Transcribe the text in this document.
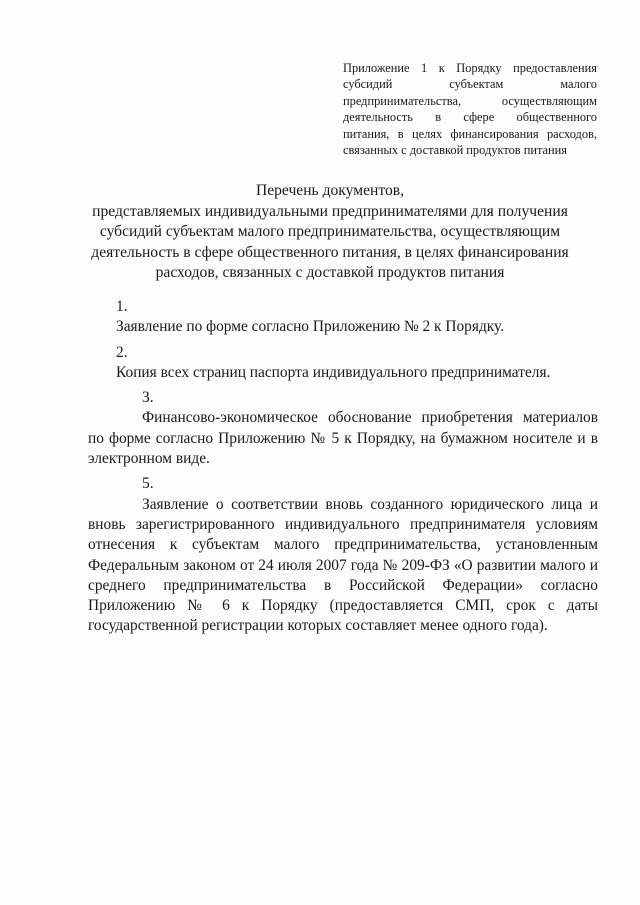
Приложение 1 к Порядку предоставления
субсидий субъектам малого
предпринимательства, осуществляющим
деятельность в сфере общественного
питания, в целях финансирования расходов,
связанных с доставкой продуктов питания
Перечень документов,
представляемых индивидуальными предпринимателями для получения
субсидий субъектам малого предпринимательства, осуществляющим
деятельность в сфере общественного питания, в целях финансирования
расходов, связанных с доставкой продуктов питания
1.
Заявление по форме согласно Приложению № 2 к Порядку.
2.
Копия всех страниц паспорта индивидуального предпринимателя.
3.
Финансово-экономическое обоснование приобретения материалов
по форме согласно Приложению № 5 к Порядку, на бумажном носителе и в
электронном виде.
5.
Заявление о соответствии вновь созданного юридического лица и
вновь зарегистрированного индивидуального предпринимателя условиям
отнесения к субъектам малого предпринимательства, установленным
Федеральным законом от 24 июля 2007 года № 209-ФЗ «О развитии малого и
среднего предпринимательства в Российской Федерации» согласно
Приложению № 6 к Порядку (предоставляется СМП, срок с даты
государственной регистрации которых составляет менее одного года).
